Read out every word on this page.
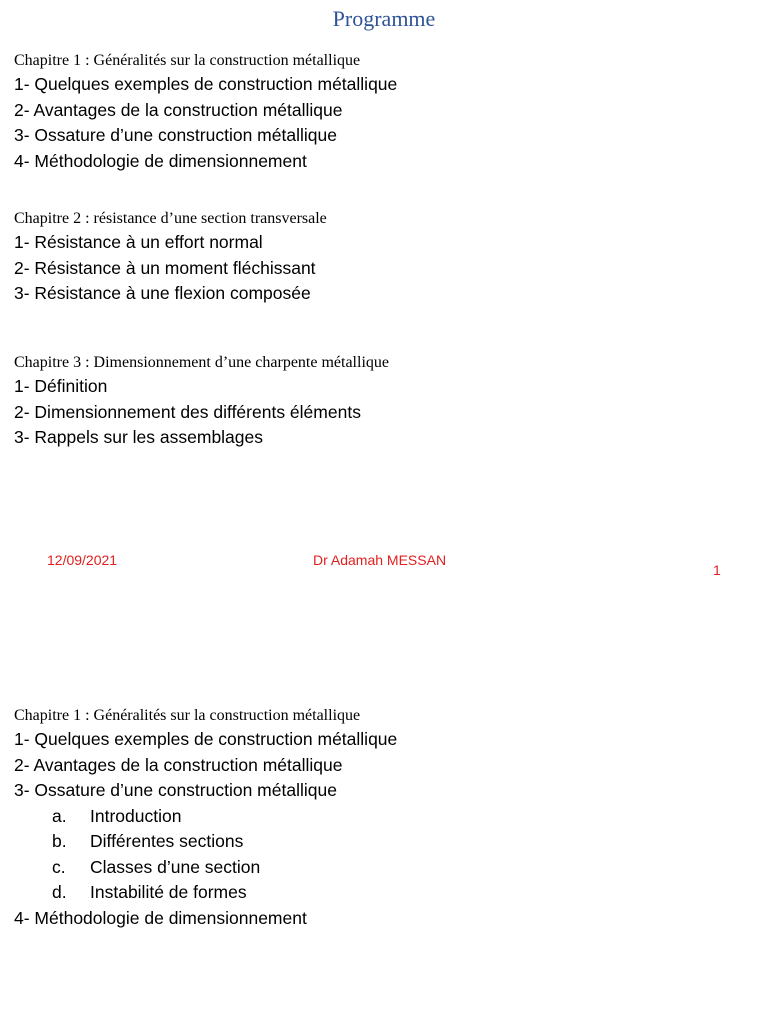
Programme
Chapitre 1 : Généralités sur la construction métallique
1- Quelques exemples de construction métallique
2- Avantages de la construction métallique
3- Ossature d’une construction métallique
4- Méthodologie de dimensionnement
Chapitre 2 : résistance d’une section transversale
1- Résistance à un effort normal
2- Résistance à un moment fléchissant
3- Résistance à une flexion composée
Chapitre 3 : Dimensionnement d’une charpente métallique
1- Définition
2- Dimensionnement des différents éléments
3- Rappels sur les assemblages
12/09/2021	Dr Adamah MESSAN
1
Chapitre 1 : Généralités sur la construction métallique
1- Quelques exemples de construction métallique
2- Avantages de la construction métallique
3- Ossature d’une construction métallique
a. Introduction
b. Différentes sections
c. Classes d’une section
d. Instabilité de formes
4- Méthodologie de dimensionnement
